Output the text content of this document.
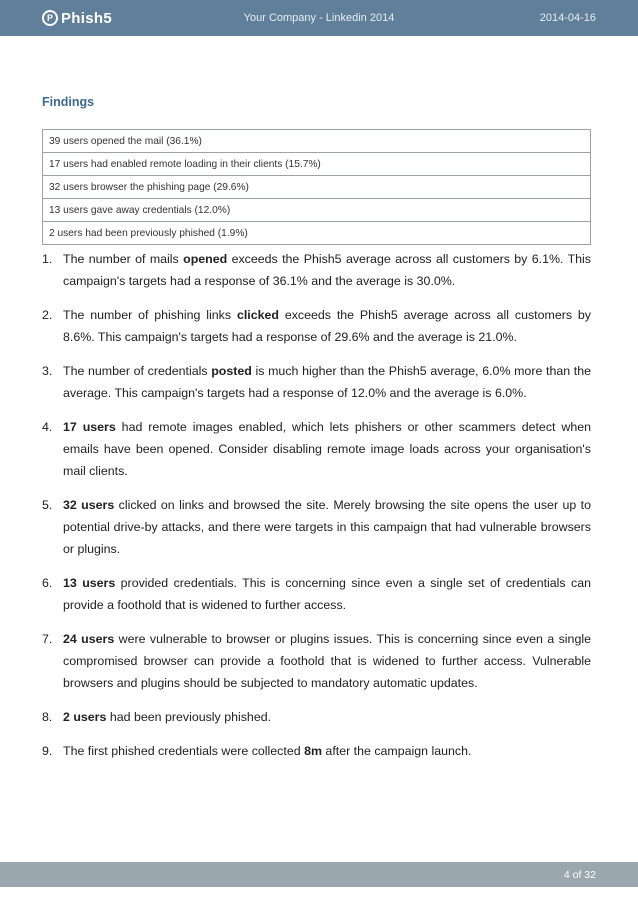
P Phish5	Your Company - Linkedin 2014	2014-04-16
Findings
39 users opened the mail (36.1%)
17 users had enabled remote loading in their clients (15.7%)
32 users browser the phishing page (29.6%)
13 users gave away credentials (12.0%)
2 users had been previously phished (1.9%)
1. The number of mails opened exceeds the Phish5 average across all customers by 6.1%. This campaign's targets had a response of 36.1% and the average is 30.0%.
2. The number of phishing links clicked exceeds the Phish5 average across all customers by 8.6%. This campaign's targets had a response of 29.6% and the average is 21.0%.
3. The number of credentials posted is much higher than the Phish5 average, 6.0% more than the average. This campaign's targets had a response of 12.0% and the average is 6.0%.
4. 17 users had remote images enabled, which lets phishers or other scammers detect when emails have been opened. Consider disabling remote image loads across your organisation's mail clients.
5. 32 users clicked on links and browsed the site. Merely browsing the site opens the user up to potential drive-by attacks, and there were targets in this campaign that had vulnerable browsers or plugins.
6. 13 users provided credentials. This is concerning since even a single set of credentials can provide a foothold that is widened to further access.
7. 24 users were vulnerable to browser or plugins issues. This is concerning since even a single compromised browser can provide a foothold that is widened to further access. Vulnerable browsers and plugins should be subjected to mandatory automatic updates.
8. 2 users had been previously phished.
9. The first phished credentials were collected 8m after the campaign launch.
4 of 32
